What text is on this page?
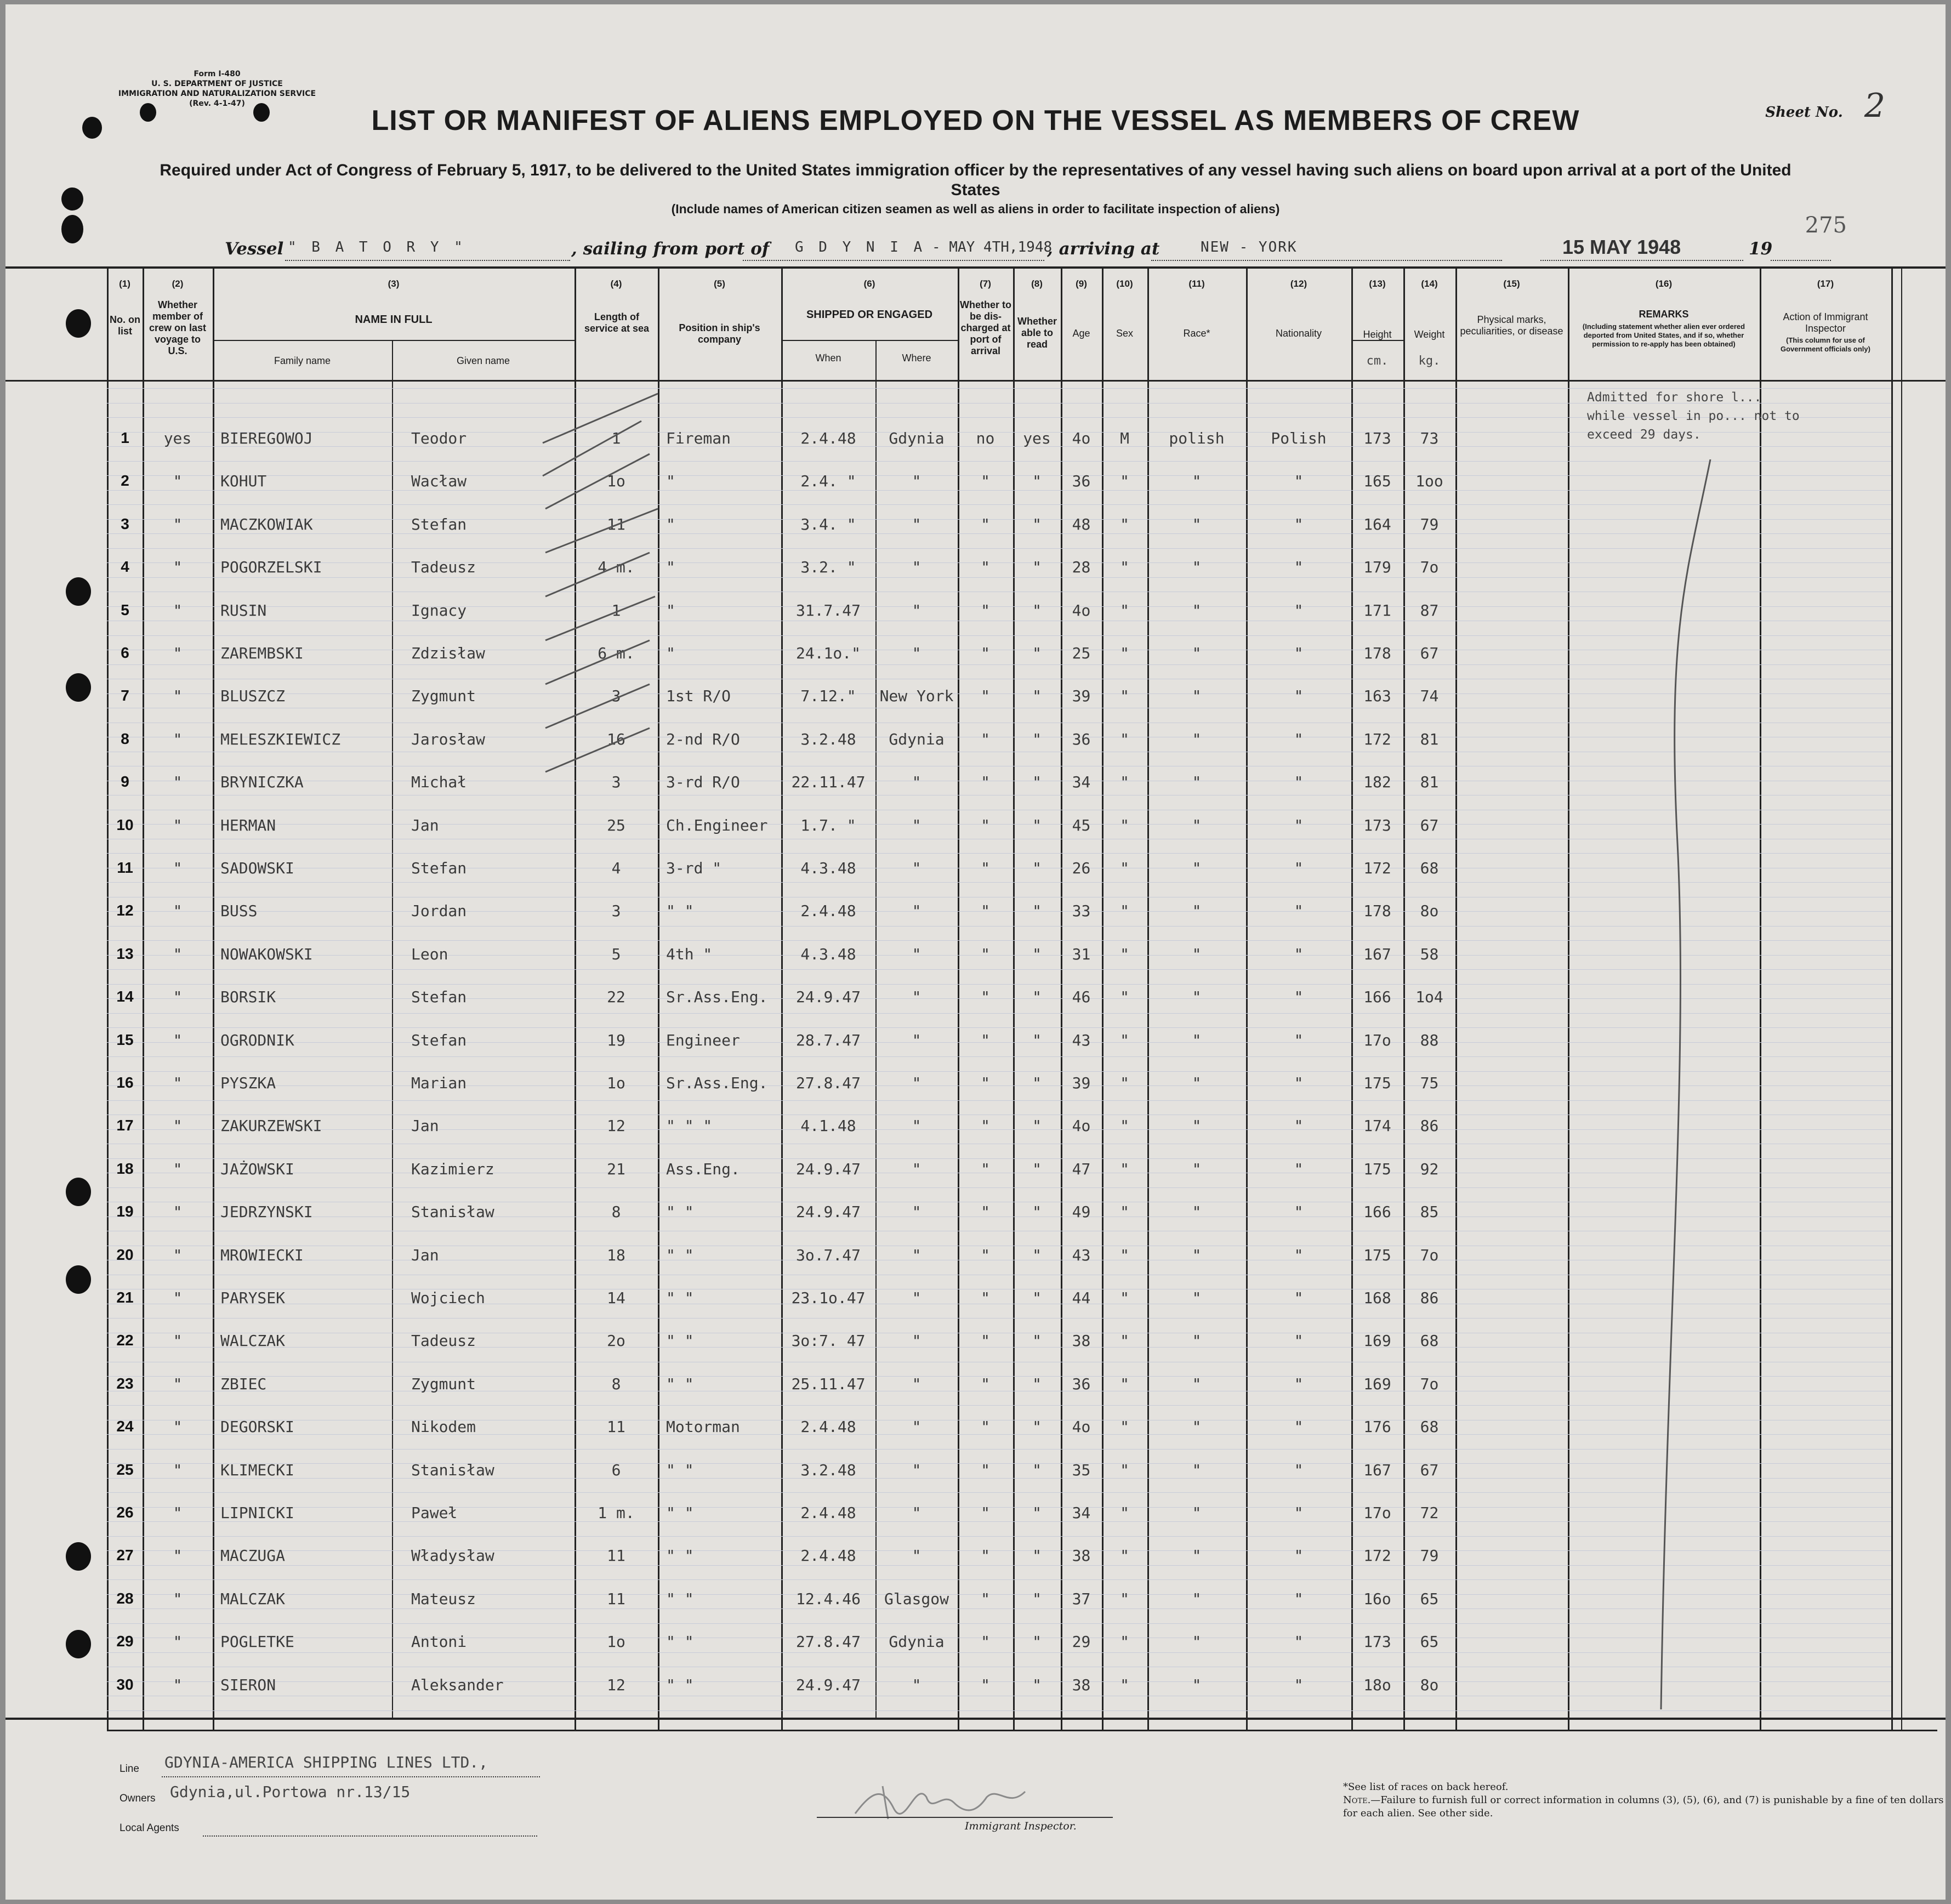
Form I-480
U. S. DEPARTMENT OF JUSTICE
IMMIGRATION AND NATURALIZATION SERVICE
(Rev. 4-1-47)
Sheet No. 2
LIST OR MANIFEST OF ALIENS EMPLOYED ON THE VESSEL AS MEMBERS OF CREW
Required under Act of Congress of February 5, 1917, to be delivered to the United States immigration officer by the representatives of any vessel having such aliens on board upon arrival at a port of the United States
(Include names of American citizen seamen as well as aliens in order to facilitate inspection of aliens)
275
Vessel " B A T O R Y "	, sailing from port of G D Y N I A - MAY 4TH,1948
, arriving at	NEW - YORK	15 MAY 1948	19
(1)	(2)	(3)	(4)	(5)	(6)	(7)	(8)	(9)	(10)	(11)	(12)	(13)	(14)	(15)	(16)	(17)
No. on list
Whether member of crew on last voyage to U.S.
NAME IN FULL
Family name	Given name
Length of service at sea	Position in ship's company
SHIPPED OR ENGAGED
When	Where
Whether to be dis-charged at port of arrival
Whether able to read
Age	Sex	Race*	Nationality	Height
cm.
Weight
kg.
Physical marks, peculiarities, or disease
REMARKS
(Including statement whether alien ever ordered deported from United States, and if so, whether permission to re-apply has been obtained)
Action of Immigrant Inspector
(This column for use of Government officials only)
1	yes	BIEREGOWOJ	Teodor	1	Fireman	2.4.48	Gdynia	no	yes	4o	M	polish	Polish	173	73
2	"	KOHUT	Wacław	1o	"	2.4. "	"	"	"	36	"	"	"	165	1oo
3	"	MACZKOWIAK	Stefan	11	"	3.4. "	"	"	"	48	"	"	"	164	79
4	"	POGORZELSKI	Tadeusz	4 m.	"	3.2. "	"	"	"	28	"	"	"	179	7o
5	"	RUSIN	Ignacy	1	"	31.7.47	"	"	"	4o	"	"	"	171	87
6	"	ZAREMBSKI	Zdzisław	6 m.	"	24.1o."	"	"	"	25	"	"	"	178	67
7	"	BLUSZCZ	Zygmunt	3	1st R/O	7.12."	New York	"	"	39	"	"	"	163	74
8	"	MELESZKIEWICZ	Jarosław	16	2-nd R/O	3.2.48	Gdynia	"	"	36	"	"	"	172	81
9	"	BRYNICZKA	Michał	3	3-rd R/O	22.11.47	"	"	"	34	"	"	"	182	81
10	"	HERMAN	Jan	25	Ch.Engineer	1.7. "	"	"	"	45	"	"	"	173	67
11	"	SADOWSKI	Stefan	4	3-rd "	4.3.48	"	"	"	26	"	"	"	172	68
12	"	BUSS	Jordan	3	" "	2.4.48	"	"	"	33	"	"	"	178	8o
13	"	NOWAKOWSKI	Leon	5	4th "	4.3.48	"	"	"	31	"	"	"	167	58
14	"	BORSIK	Stefan	22	Sr.Ass.Eng.	24.9.47	"	"	"	46	"	"	"	166	1o4
15	"	OGRODNIK	Stefan	19	Engineer	28.7.47	"	"	"	43	"	"	"	17o	88
16	"	PYSZKA	Marian	1o	Sr.Ass.Eng.	27.8.47	"	"	"	39	"	"	"	175	75
17	"	ZAKURZEWSKI	Jan	12	" " "	4.1.48	"	"	"	4o	"	"	"	174	86
18	"	JAŻOWSKI	Kazimierz	21	Ass.Eng.	24.9.47	"	"	"	47	"	"	"	175	92
19	"	JEDRZYNSKI	Stanisław	8	" "	24.9.47	"	"	"	49	"	"	"	166	85
20	"	MROWIECKI	Jan	18	" "	3o.7.47	"	"	"	43	"	"	"	175	7o
21	"	PARYSEK	Wojciech	14	" "	23.1o.47	"	"	"	44	"	"	"	168	86
22	"	WALCZAK	Tadeusz	2o	" "	3o:7. 47	"	"	"	38	"	"	"	169	68
23	"	ZBIEC	Zygmunt	8	" "	25.11.47	"	"	"	36	"	"	"	169	7o
24	"	DEGORSKI	Nikodem	11	Motorman	2.4.48	"	"	"	4o	"	"	"	176	68
25	"	KLIMECKI	Stanisław	6	" "	3.2.48	"	"	"	35	"	"	"	167	67
26	"	LIPNICKI	Paweł	1 m.	" "	2.4.48	"	"	"	34	"	"	"	17o	72
27	"	MACZUGA	Władysław	11	" "	2.4.48	"	"	"	38	"	"	"	172	79
28	"	MALCZAK	Mateusz	11	" "	12.4.46	Glasgow	"	"	37	"	"	"	16o	65
29	"	POGLETKE	Antoni	1o	" "	27.8.47	Gdynia	"	"	29	"	"	"	173	65
30	"	SIERON	Aleksander	12	" "	24.9.47	"	"	"	38	"	"	"	18o	8o
Admitted for shore l...
while vessel in po... not to
exceed 29 days.
Line GDYNIA-AMERICA SHIPPING LINES LTD.,
Owners Gdynia,ul.Portowa nr.13/15
Local Agents	Immigrant Inspector.
*See list of races on back hereof.
Note.—Failure to furnish full or correct information in columns (3), (5), (6), and (7) is punishable by a fine of ten dollars for each alien. See other side.
